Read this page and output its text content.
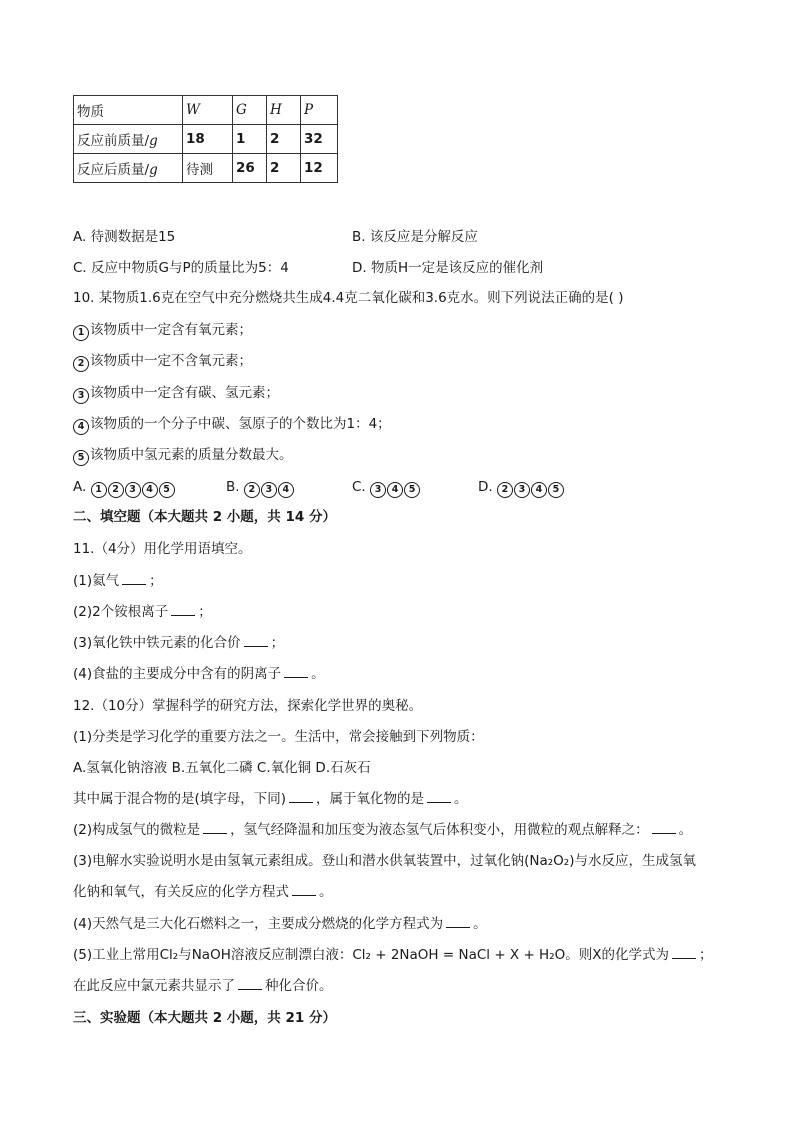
物质	W	G	H	P
反应前质量/g	18	1	2	32
反应后质量/g	待测	26	2	12
A. 待测数据是15	B. 该反应是分解反应
C. 反应中物质G与P的质量比为5：4	D. 物质H一定是该反应的催化剂
10. 某物质1.6克在空气中充分燃烧共生成4.4克二氧化碳和3.6克水。则下列说法正确的是( )
1 该物质中一定含有氧元素；
2 该物质中一定不含氧元素；
3 该物质中一定含有碳、氢元素；
4 该物质的一个分子中碳、氢原子的个数比为1：4；
5 该物质中氢元素的质量分数最大。
A. 1 2 3 4 5	B. 2 3 4	C. 3 4 5	D. 2 3 4 5
二、填空题（本大题共 2 小题，共 14 分）
11.（4分）用化学用语填空。
(1)氦气 ；
(2)2个铵根离子 ；
(3)氧化铁中铁元素的化合价 ；
(4)食盐的主要成分中含有的阴离子 。
12.（10分）掌握科学的研究方法，探索化学世界的奥秘。
(1)分类是学习化学的重要方法之一。生活中，常会接触到下列物质：
A.氢氧化钠溶液 B.五氧化二磷 C.氧化铜 D.石灰石
其中属于混合物的是(填字母，下同) ，属于氧化物的是 。
(2)构成氢气的微粒是 ，氢气经降温和加压变为液态氢气后体积变小，用微粒的观点解释之： 。
(3)电解水实验说明水是由氢氧元素组成。登山和潜水供氧装置中，过氧化钠(Na₂O₂)与水反应，生成氢氧
化钠和氧气，有关反应的化学方程式 。
(4)天然气是三大化石燃料之一，主要成分燃烧的化学方程式为 。
(5)工业上常用Cl₂与NaOH溶液反应制漂白液：Cl₂ + 2NaOH = NaCl + X + H₂O。则X的化学式为 ；
在此反应中氯元素共显示了 种化合价。
三、实验题（本大题共 2 小题，共 21 分）
